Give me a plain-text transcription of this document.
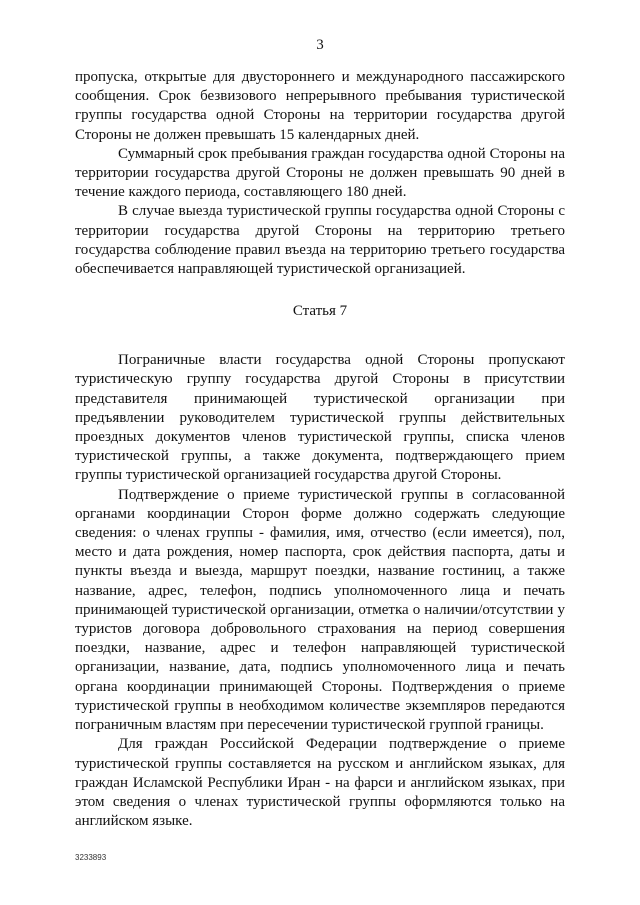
3

пропуска, открытые для двустороннего и международного пассажирского сообщения. Срок безвизового непрерывного пребывания туристической группы государства одной Стороны на территории государства другой Стороны не должен превышать 15 календарных дней.

Суммарный срок пребывания граждан государства одной Стороны на территории государства другой Стороны не должен превышать 90 дней в течение каждого периода, составляющего 180 дней.

В случае выезда туристической группы государства одной Стороны с территории государства другой Стороны на территорию третьего государства соблюдение правил въезда на территорию третьего государства обеспечивается направляющей туристической организацией.

Статья 7

Пограничные власти государства одной Стороны пропускают туристическую группу государства другой Стороны в присутствии представителя принимающей туристической организации при предъявлении руководителем туристической группы действительных проездных документов членов туристической группы, списка членов туристической группы, а также документа, подтверждающего прием группы туристической организацией государства другой Стороны.

Подтверждение о приеме туристической группы в согласованной органами координации Сторон форме должно содержать следующие сведения: о членах группы - фамилия, имя, отчество (если имеется), пол, место и дата рождения, номер паспорта, срок действия паспорта, даты и пункты въезда и выезда, маршрут поездки, название гостиниц, а также название, адрес, телефон, подпись уполномоченного лица и печать принимающей туристической организации, отметка о наличии/отсутствии у туристов договора добровольного страхования на период совершения поездки, название, адрес и телефон направляющей туристической организации, название, дата, подпись уполномоченного лица и печать органа координации принимающей Стороны. Подтверждения о приеме туристической группы в необходимом количестве экземпляров передаются пограничным властям при пересечении туристической группой границы.

Для граждан Российской Федерации подтверждение о приеме туристической группы составляется на русском и английском языках, для граждан Исламской Республики Иран - на фарси и английском языках, при этом сведения о членах туристической группы оформляются только на английском языке.

3233893
